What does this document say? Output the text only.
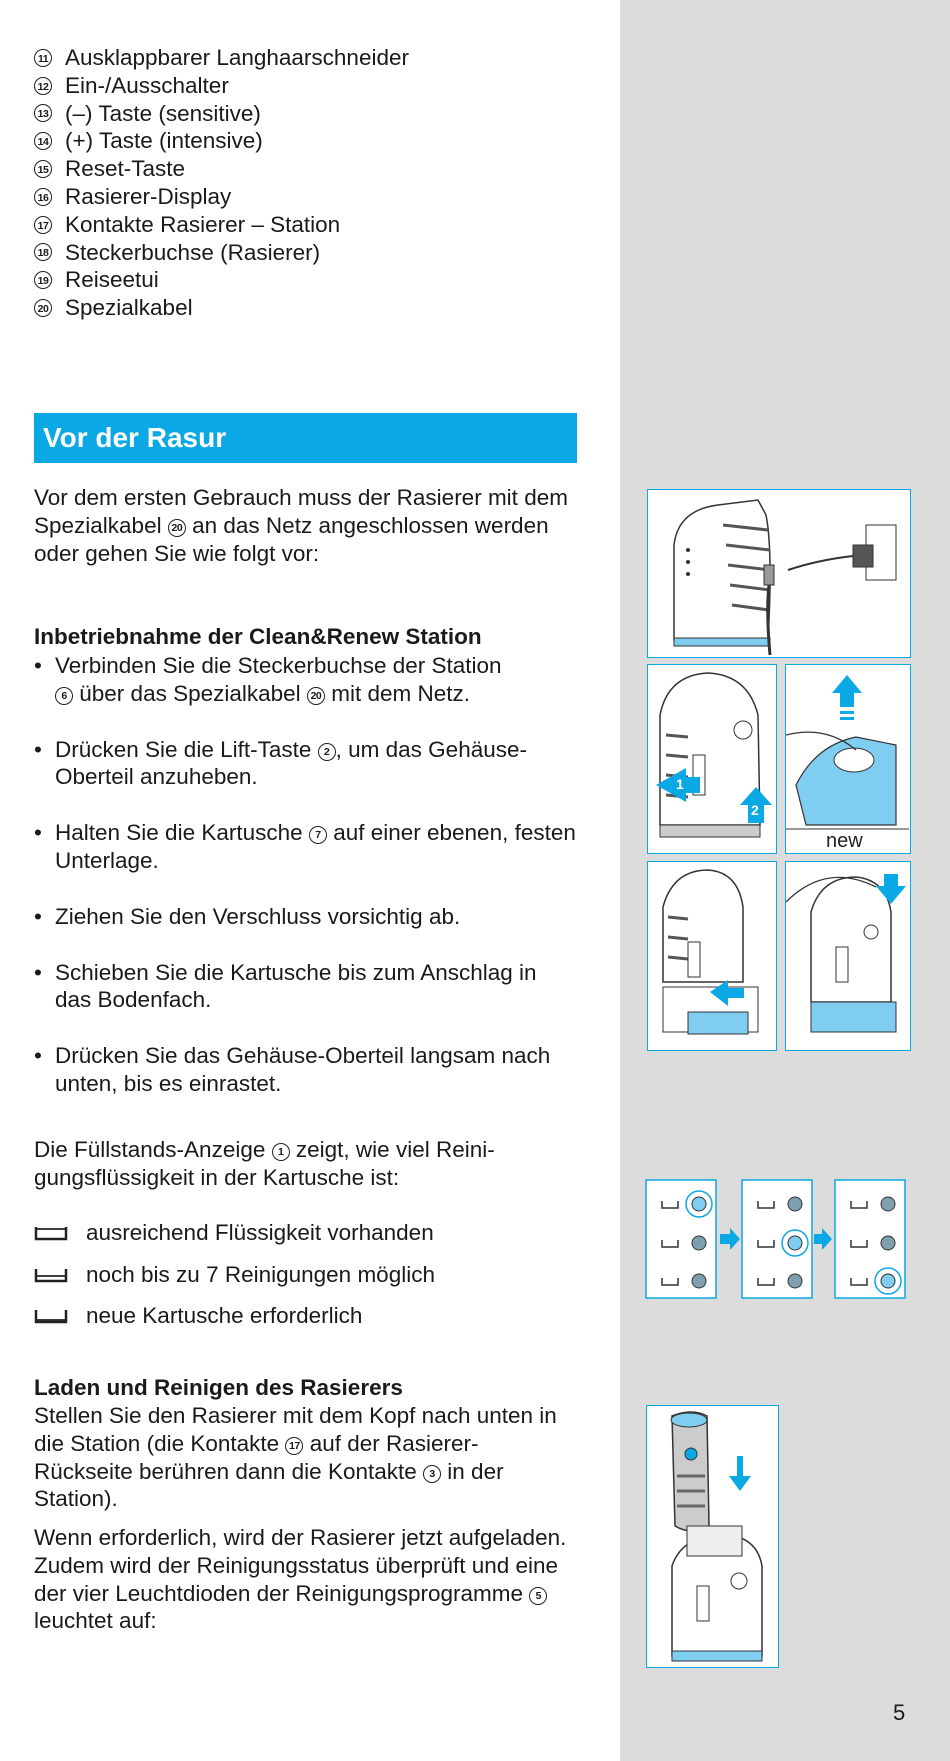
11 Ausklappbarer Langhaarschneider
12 Ein-/Ausschalter
13 (–) Taste (sensitive)
14 (+) Taste (intensive)
15 Reset-Taste
16 Rasierer-Display
17 Kontakte Rasierer – Station
18 Steckerbuchse (Rasierer)
19 Reiseetui
20 Spezialkabel
Vor der Rasur

Vor dem ersten Gebrauch muss der Rasierer mit dem Spezialkabel 20 an das Netz angeschlossen werden oder gehen Sie wie folgt vor:

Inbetriebnahme der Clean&Renew Station

• Verbinden Sie die Steckerbuchse der Station
6 über das Spezialkabel 20 mit dem Netz.
• Drücken Sie die Lift-Taste 2 , um das Gehäuse-Oberteil anzuheben.
• Halten Sie die Kartusche 7 auf einer ebenen, festen Unterlage.
• Ziehen Sie den Verschluss vorsichtig ab.
• Schieben Sie die Kartusche bis zum Anschlag in das Bodenfach.
• Drücken Sie das Gehäuse-Oberteil langsam nach unten, bis es einrastet.

Die Füllstands-Anzeige 1 zeigt, wie viel Reini-gungsflüssigkeit in der Kartusche ist:

ausreichend Flüssigkeit vorhanden
noch bis zu 7 Reinigungen möglich
neue Kartusche erforderlich

Laden und Reinigen des Rasierers

Stellen Sie den Rasierer mit dem Kopf nach unten in die Station (die Kontakte 17 auf der Rasierer-Rückseite berühren dann die Kontakte 3 in der Station).

Wenn erforderlich, wird der Rasierer jetzt aufgeladen. Zudem wird der Reinigungsstatus überprüft und eine der vier Leuchtdioden der Reinigungsprogramme 5 leuchtet auf:

1
2
new
5
